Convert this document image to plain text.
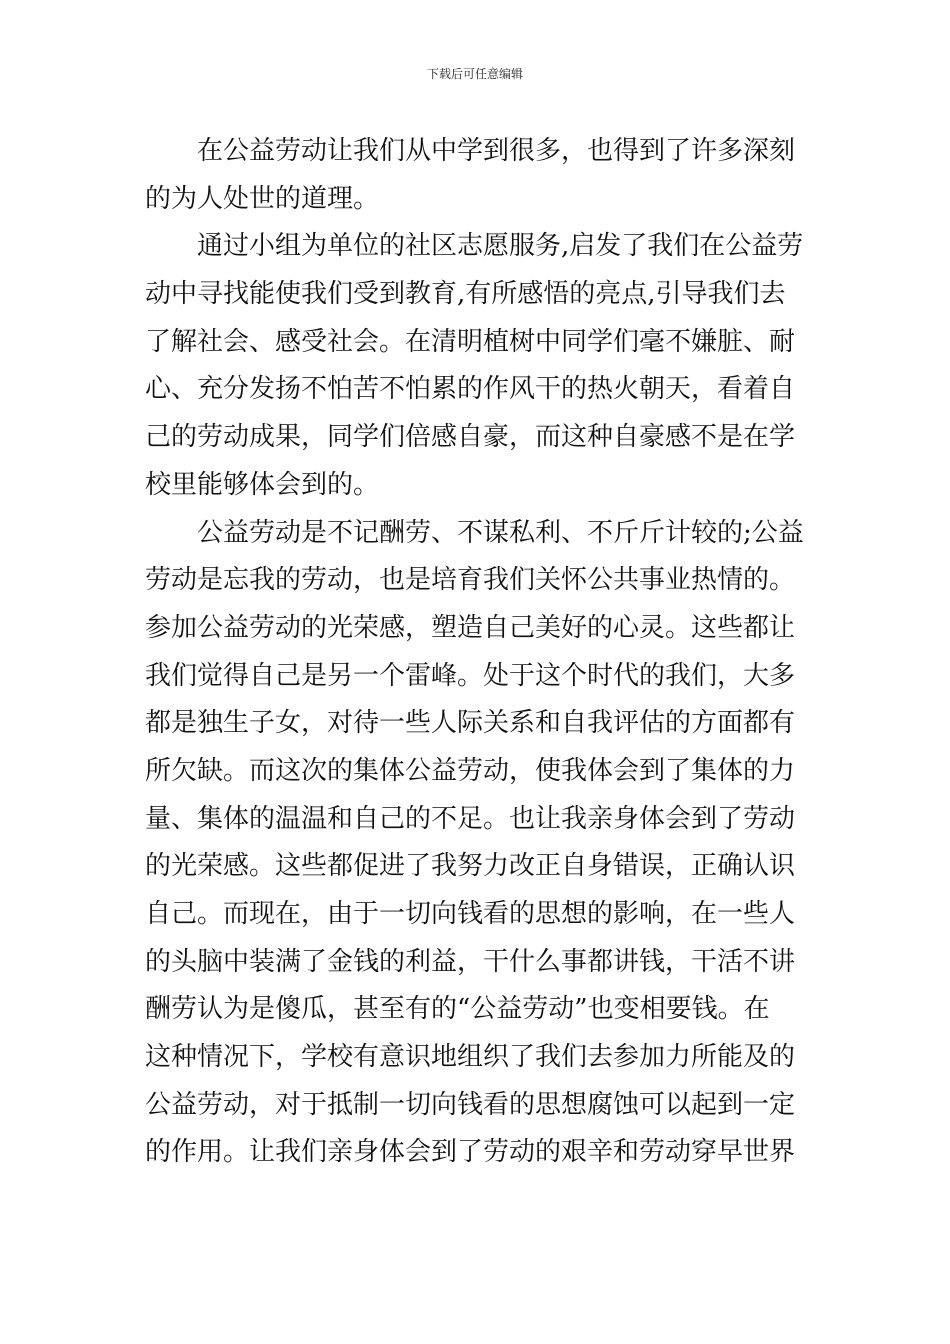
下载后可任意编辑
在公益劳动让我们从中学到很多，也得到了许多深刻
的为人处世的道理。
通过小组为单位的社区志愿服务,启发了我们在公益劳
动中寻找能使我们受到教育,有所感悟的亮点,引导我们去
了解社会、感受社会。在清明植树中同学们毫不嫌脏、耐
心、充分发扬不怕苦不怕累的作风干的热火朝天，看着自
己的劳动成果，同学们倍感自豪，而这种自豪感不是在学
校里能够体会到的。
公益劳动是不记酬劳、不谋私利、不斤斤计较的;公益
劳动是忘我的劳动，也是培育我们关怀公共事业热情的。
参加公益劳动的光荣感，塑造自己美好的心灵。这些都让
我们觉得自己是另一个雷峰。处于这个时代的我们，大多
都是独生子女，对待一些人际关系和自我评估的方面都有
所欠缺。而这次的集体公益劳动，使我体会到了集体的力
量、集体的温温和自己的不足。也让我亲身体会到了劳动
的光荣感。这些都促进了我努力改正自身错误，正确认识
自己。而现在，由于一切向钱看的思想的影响，在一些人
的头脑中装满了金钱的利益，干什么事都讲钱，干活不讲
酬劳认为是傻瓜，甚至有的“公益劳动”也变相要钱。在
这种情况下，学校有意识地组织了我们去参加力所能及的
公益劳动，对于抵制一切向钱看的思想腐蚀可以起到一定
的作用。让我们亲身体会到了劳动的艰辛和劳动穿早世界
